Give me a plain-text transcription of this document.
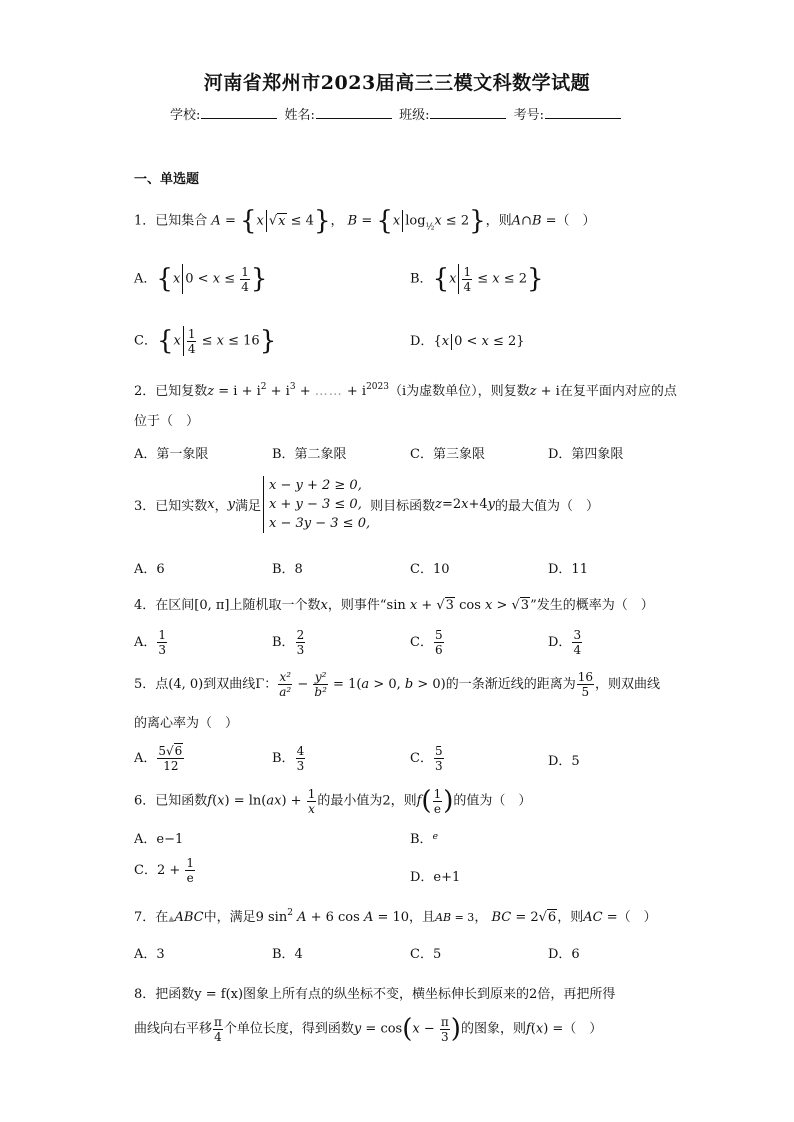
河南省郑州市2023届高三三模文科数学试题
学校:	姓名:	班级:	考号:
一、单选题
1．已知集合 A = {x √x ≤ 4}， B = {x $\log_{\frac{1}{2}}x \le 2$}，则A∩B =（　）
A．{x $0 < x \le \frac{1}{4}$ }	B．$\{x \frac{1}{4} \le x \le 2\}$
C．$\{x \frac{1}{4} \le x \le 16\}$	D．{x 0 < x ≤ 2}
2．已知复数$z = i + i^2 + i^3$ + …… + $i^{2023}(i$为虚数单位），则复数z + i在复平面内对应的点
位于（　）
A．第一象限	B．第二象限	C．第三象限	D．第四象限
3．已知实数x，y满足
x − y + 2 ≥ 0,
x + y − 3 ≤ 0,
x − 3y − 3 ≤ 0,
则目标函数z=2x+4y的最大值为（　）
A．6	B．8	C．10	D．11
4．在区间[0, π]上随机取一个数x，则事件“sin x + √3 cos x > √3”发生的概率为（　）
A． $\frac{1}{3}$	B． $\frac{2}{3}$	C． $\frac{5}{6}$	D． $\frac{3}{4}$
5．点(4, 0)到双曲线Γ： $\frac{\text{x²}}{\text{a²}} - \frac{\text{y²}}{\text{b²}} = 1(a > 0$, b > 0)的一条渐近线的距离为 $\frac{16}{5}$ ，则双曲线
的离心率为（　）
A． $\frac{5√6}{12}$	B． $\frac{4}{3}$	C． $\frac{5}{3}$	D．5
6．已知函数$f(x) = \ln(ax) + \frac{1}{x}$ 的最小值为2，则$f( \frac{1}{e}$ )的值为（　）
A．e−1	B．$^e$
C．$2 + \frac{1}{e}$	D．e+1
7．在▲ABC中，满足9 $\sin^2 A + 6$ cos A = 10，且AB = 3， BC = 2√6，则AC =（　）
A．3	B．4	C．5	D．6
8．把函数y = f(x)图象上所有点的纵坐标不变，横坐标伸长到原来的2倍，再把所得
曲线向右平移 $\frac{\pi}{4}$ 个单位长度，得到函数$y = \cos(x - \frac{\pi}{3}$ )的图象，则f(x) =（　）
